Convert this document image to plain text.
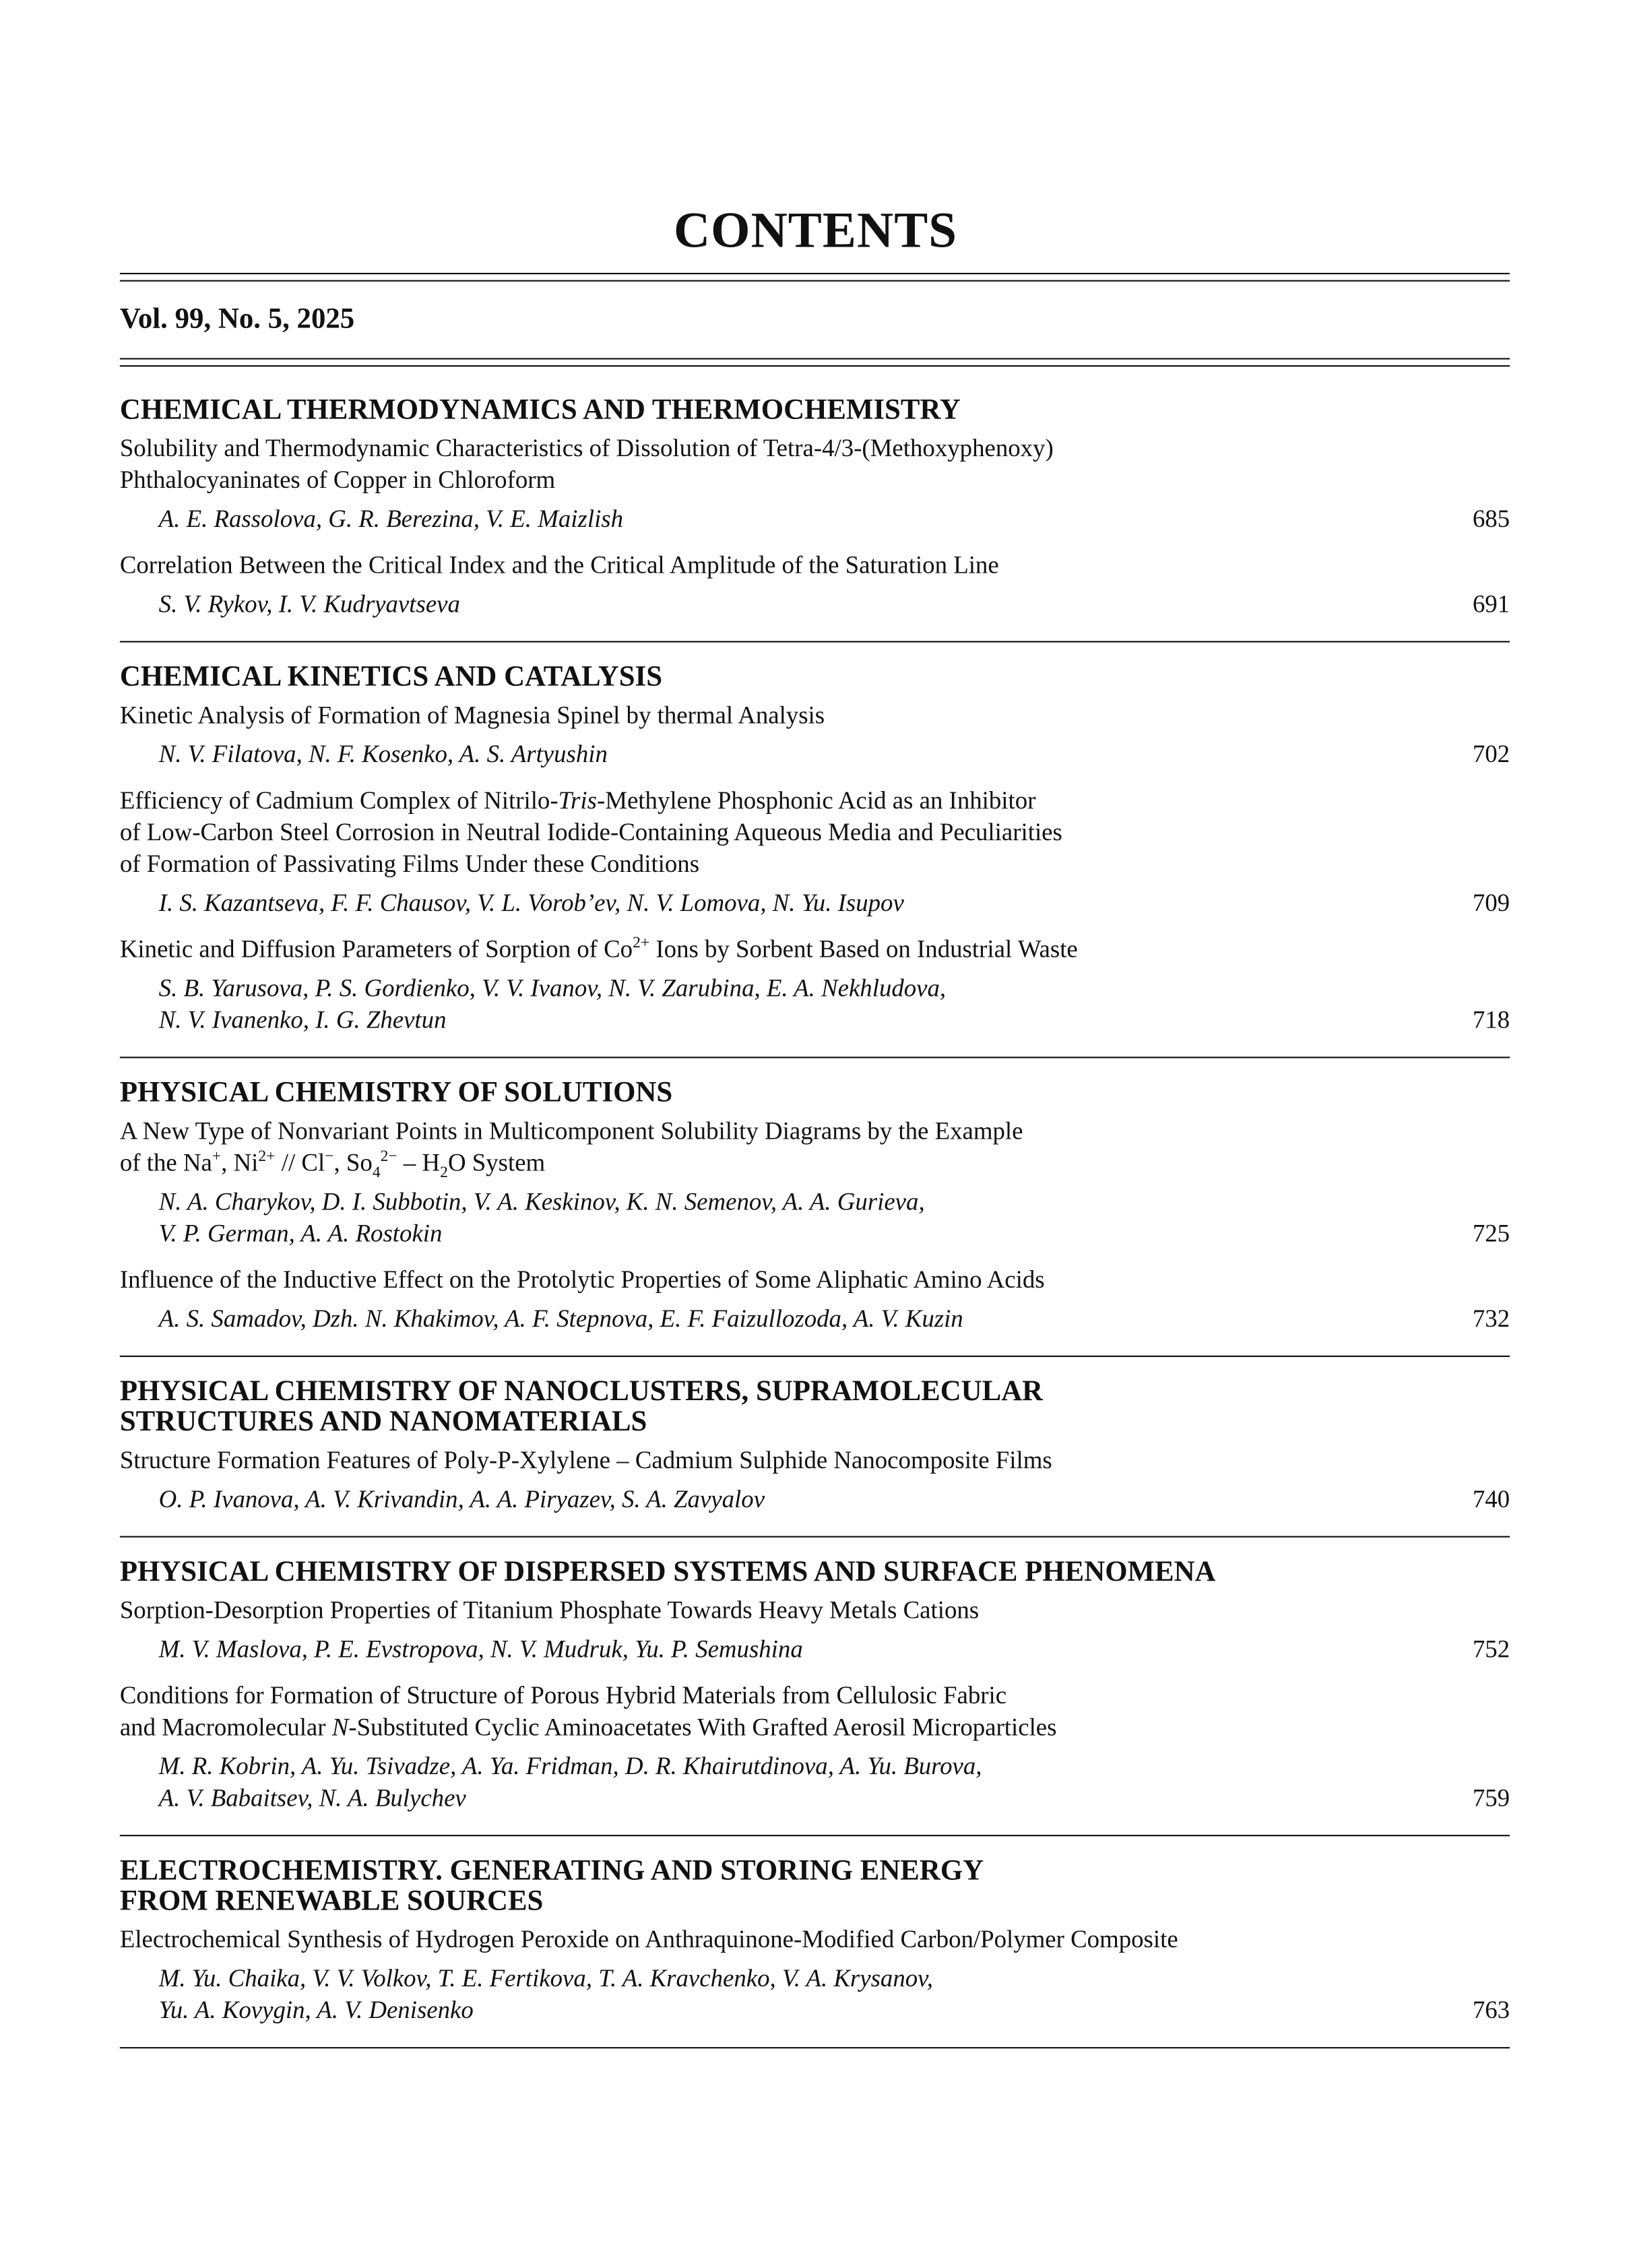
CONTENTS
Vol. 99, No. 5, 2025
CHEMICAL THERMODYNAMICS AND THERMOCHEMISTRY
Solubility and Thermodynamic Characteristics of Dissolution of Tetra-4/3-(Methoxyphenoxy)
Phthalocyaninates of Copper in Chloroform
A. E. Rassolova, G. R. Berezina, V. E. Maizlish	685
Correlation Between the Critical Index and the Critical Amplitude of the Saturation Line
S. V. Rykov, I. V. Kudryavtseva	691
CHEMICAL KINETICS AND CATALYSIS
Kinetic Analysis of Formation of Magnesia Spinel by thermal Analysis
N. V. Filatova, N. F. Kosenko, A. S. Artyushin	702
Efficiency of Cadmium Complex of Nitrilo-Tris-Methylene Phosphonic Acid as an Inhibitor
of Low-Carbon Steel Corrosion in Neutral Iodide-Containing Aqueous Media and Peculiarities
of Formation of Passivating Films Under these Conditions
I. S. Kazantseva, F. F. Chausov, V. L. Vorob’ev, N. V. Lomova, N. Yu. Isupov	709
Kinetic and Diffusion Parameters of Sorption of $Co^{2+}$ Ions by Sorbent Based on Industrial Waste
S. B. Yarusova, P. S. Gordienko, V. V. Ivanov, N. V. Zarubina, E. A. Nekhludova,
N. V. Ivanenko, I. G. Zhevtun	718
PHYSICAL CHEMISTRY OF SOLUTIONS
A New Type of Nonvariant Points in Multicomponent Solubility Diagrams by the Example
of the Na+, $Ni^{2+} // Cl^-$, $So_4^{2-} - H_2O$ System
N. A. Charykov, D. I. Subbotin, V. A. Keskinov, K. N. Semenov, A. A. Gurieva,
V. P. German, A. A. Rostokin	725
Influence of the Inductive Effect on the Protolytic Properties of Some Aliphatic Amino Acids
A. S. Samadov, Dzh. N. Khakimov, A. F. Stepnova, E. F. Faizullozoda, A. V. Kuzin	732
PHYSICAL CHEMISTRY OF NANOCLUSTERS, SUPRAMOLECULAR
STRUCTURES AND NANOMATERIALS
Structure Formation Features of Poly-P-Xylylene – Cadmium Sulphide Nanocomposite Films
O. P. Ivanova, A. V. Krivandin, A. A. Piryazev, S. A. Zavyalov	740
PHYSICAL CHEMISTRY OF DISPERSED SYSTEMS AND SURFACE PHENOMENA
Sorption-Desorption Properties of Titanium Phosphate Towards Heavy Metals Cations
M. V. Maslova, P. E. Evstropova, N. V. Mudruk, Yu. P. Semushina	752
Conditions for Formation of Structure of Porous Hybrid Materials from Cellulosic Fabric
and Macromolecular N-Substituted Cyclic Aminoacetates With Grafted Aerosil Microparticles
M. R. Kobrin, A. Yu. Tsivadze, A. Ya. Fridman, D. R. Khairutdinova, A. Yu. Burova,
A. V. Babaitsev, N. A. Bulychev	759
ELECTROCHEMISTRY. GENERATING AND STORING ENERGY
FROM RENEWABLE SOURCES
Electrochemical Synthesis of Hydrogen Peroxide on Anthraquinone-Modified Carbon/Polymer Composite
M. Yu. Chaika, V. V. Volkov, T. E. Fertikova, T. A. Kravchenko, V. A. Krysanov,
Yu. A. Kovygin, A. V. Denisenko	763
